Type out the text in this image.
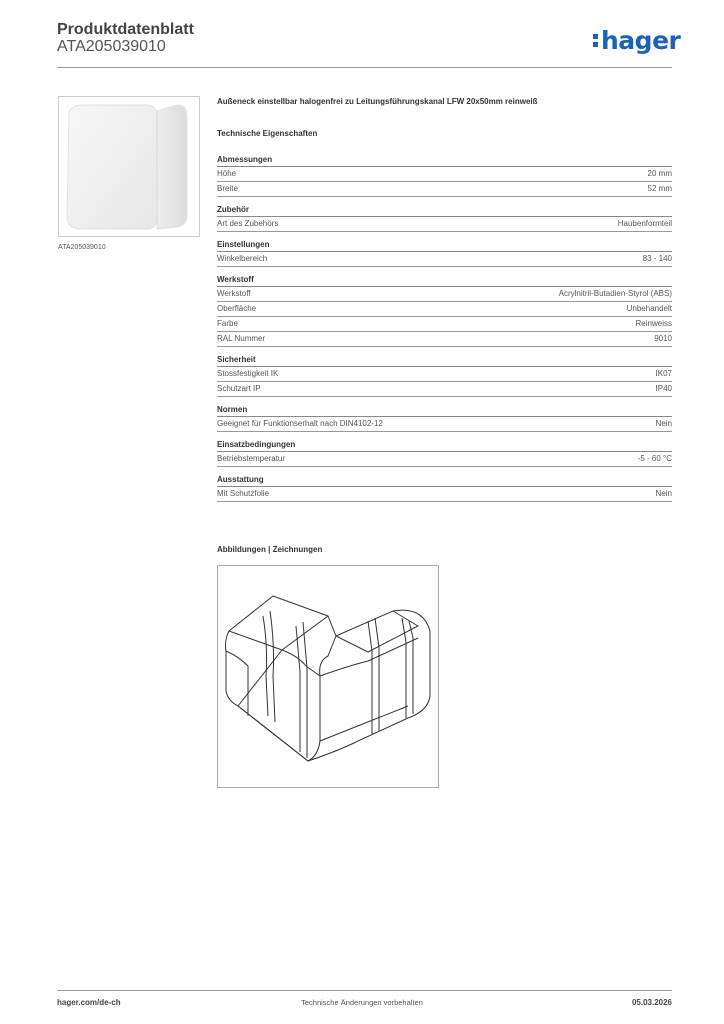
Produktdatenblatt
ATA205039010	hager
ATA205039010
Außeneck einstellbar halogenfrei zu Leitungsführungskanal LFW 20x50mm reinweiß
Technische Eigenschaften
Abmessungen
Höhe	20 mm
Breite	52 mm
Zubehör
Art des Zubehörs	Haubenformteil
Einstellungen
Winkelbereich	83 - 140
Werkstoff
Werkstoff	Acrylnitril-Butadien-Styrol (ABS)
Oberfläche	Unbehandelt
Farbe	Reinweiss
RAL Nummer	9010
Sicherheit
Stossfestigkeit IK	IK07
Schutzart IP	IP40
Normen
Geeignet für Funktionserhalt nach DIN4102-12	Nein
Einsatzbedingungen
Betriebstemperatur	-5 - 60 °C
Ausstattung
Mit Schutzfolie	Nein
Abbildungen | Zeichnungen
hager.com/de-ch	Technische Änderungen vorbehalten	05.03.2026
